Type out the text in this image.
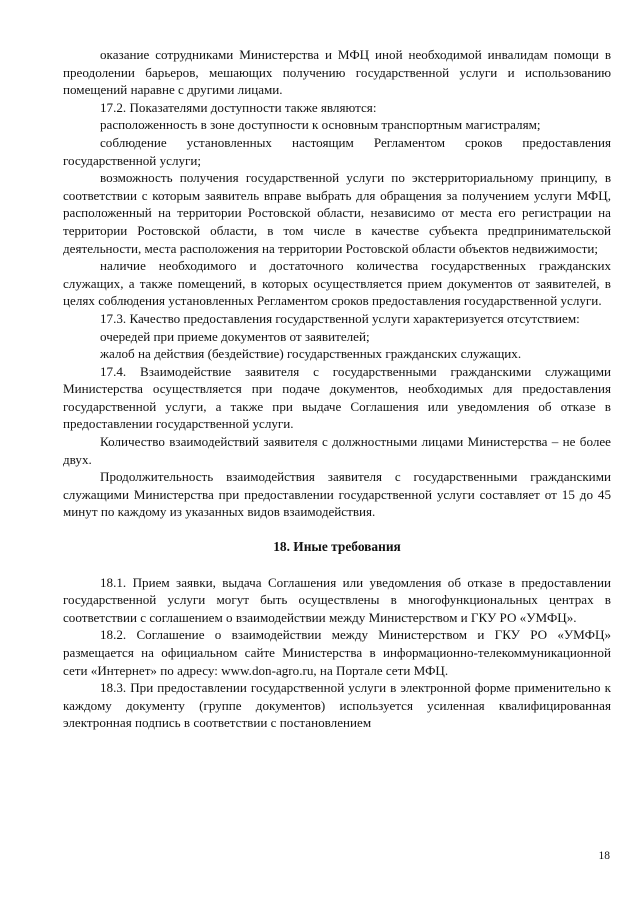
оказание сотрудниками Министерства и МФЦ иной необходимой инвалидам помощи в преодолении барьеров, мешающих получению государственной услуги и использованию помещений наравне с другими лицами.

17.2. Показателями доступности также являются:

расположенность в зоне доступности к основным транспортным магистралям;

соблюдение установленных настоящим Регламентом сроков предоставления государственной услуги;

возможность получения государственной услуги по экстерриториальному принципу, в соответствии с которым заявитель вправе выбрать для обращения за получением услуги МФЦ, расположенный на территории Ростовской области, независимо от места его регистрации на территории Ростовской области, в том числе в качестве субъекта предпринимательской деятельности, места расположения на территории Ростовской области объектов недвижимости;

наличие необходимого и достаточного количества государственных гражданских служащих, а также помещений, в которых осуществляется прием документов от заявителей, в целях соблюдения установленных Регламентом сроков предоставления государственной услуги.

17.3. Качество предоставления государственной услуги характеризуется отсутствием:

очередей при приеме документов от заявителей;

жалоб на действия (бездействие) государственных гражданских служащих.

17.4. Взаимодействие заявителя с государственными гражданскими служащими Министерства осуществляется при подаче документов, необходимых для предоставления государственной услуги, а также при выдаче Соглашения или уведомления об отказе в предоставлении государственной услуги.

Количество взаимодействий заявителя с должностными лицами Министерства – не более двух.

Продолжительность взаимодействия заявителя с государственными гражданскими служащими Министерства при предоставлении государственной услуги составляет от 15 до 45 минут по каждому из указанных видов взаимодействия.

18. Иные требования

18.1. Прием заявки, выдача Соглашения или уведомления об отказе в предоставлении государственной услуги могут быть осуществлены в многофункциональных центрах в соответствии с соглашением о взаимодействии между Министерством и ГКУ РО «УМФЦ».

18.2. Соглашение о взаимодействии между Министерством и ГКУ РО «УМФЦ» размещается на официальном сайте Министерства в информационно-телекоммуникационной сети «Интернет» по адресу: www.don-agro.ru, на Портале сети МФЦ.

18.3. При предоставлении государственной услуги в электронной форме применительно к каждому документу (группе документов) используется усиленная квалифицированная электронная подпись в соответствии с постановлением

18
